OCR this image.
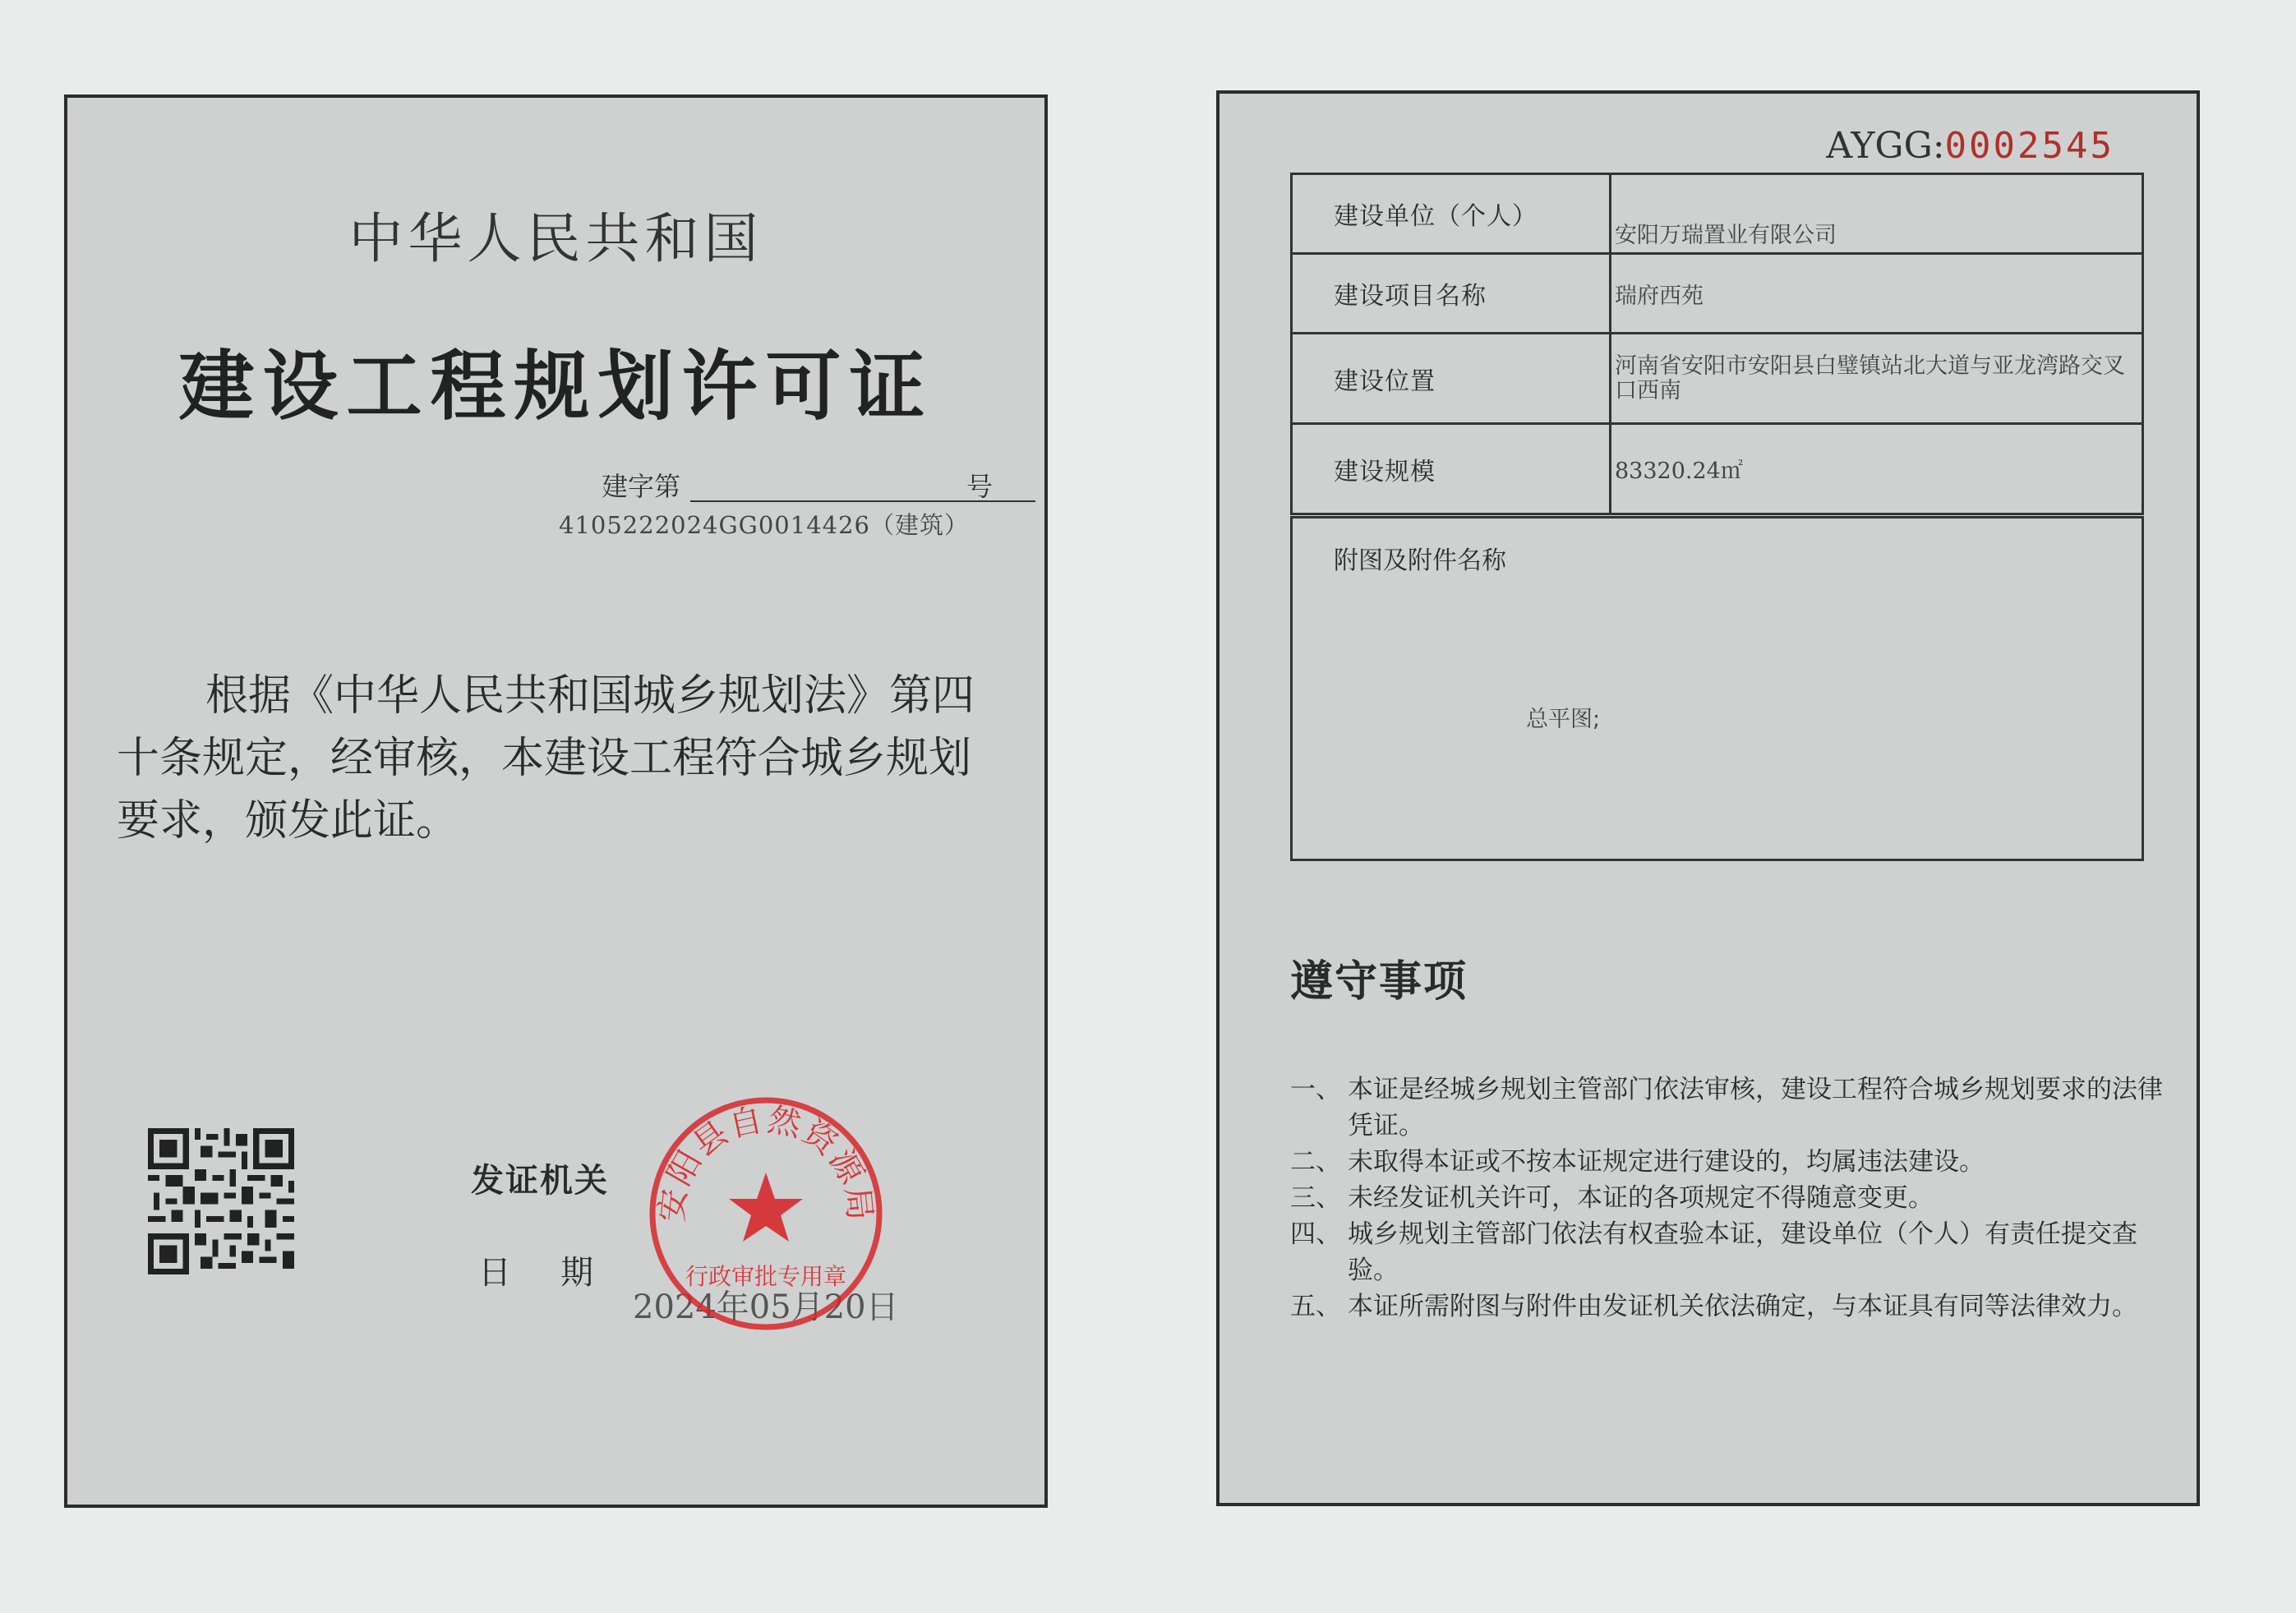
中华人民共和国
建设工程规划许可证
建字第	号
4105222024GG0014426（建筑）
根据《中华人民共和国城乡规划法》第四十条规定，经审核，本建设工程符合城乡规划要求，颁发此证。
发证机关
日期
2024年05月20日
安阳县自然资源局
行政审批专用章
AYGG:0002545
建设单位（个人）	安阳万瑞置业有限公司
建设项目名称	瑞府西苑
建设位置	河南省安阳市安阳县白璧镇站北大道与亚龙湾路交叉口西南
建设规模	83320.24㎡
附图及附件名称
总平图;
遵守事项
一、 本证是经城乡规划主管部门依法审核，建设工程符合城乡规划要求的法律凭证。
二、 未取得本证或不按本证规定进行建设的，均属违法建设。
三、 未经发证机关许可，本证的各项规定不得随意变更。
四、 城乡规划主管部门依法有权查验本证，建设单位（个人）有责任提交查验。
五、 本证所需附图与附件由发证机关依法确定，与本证具有同等法律效力。
